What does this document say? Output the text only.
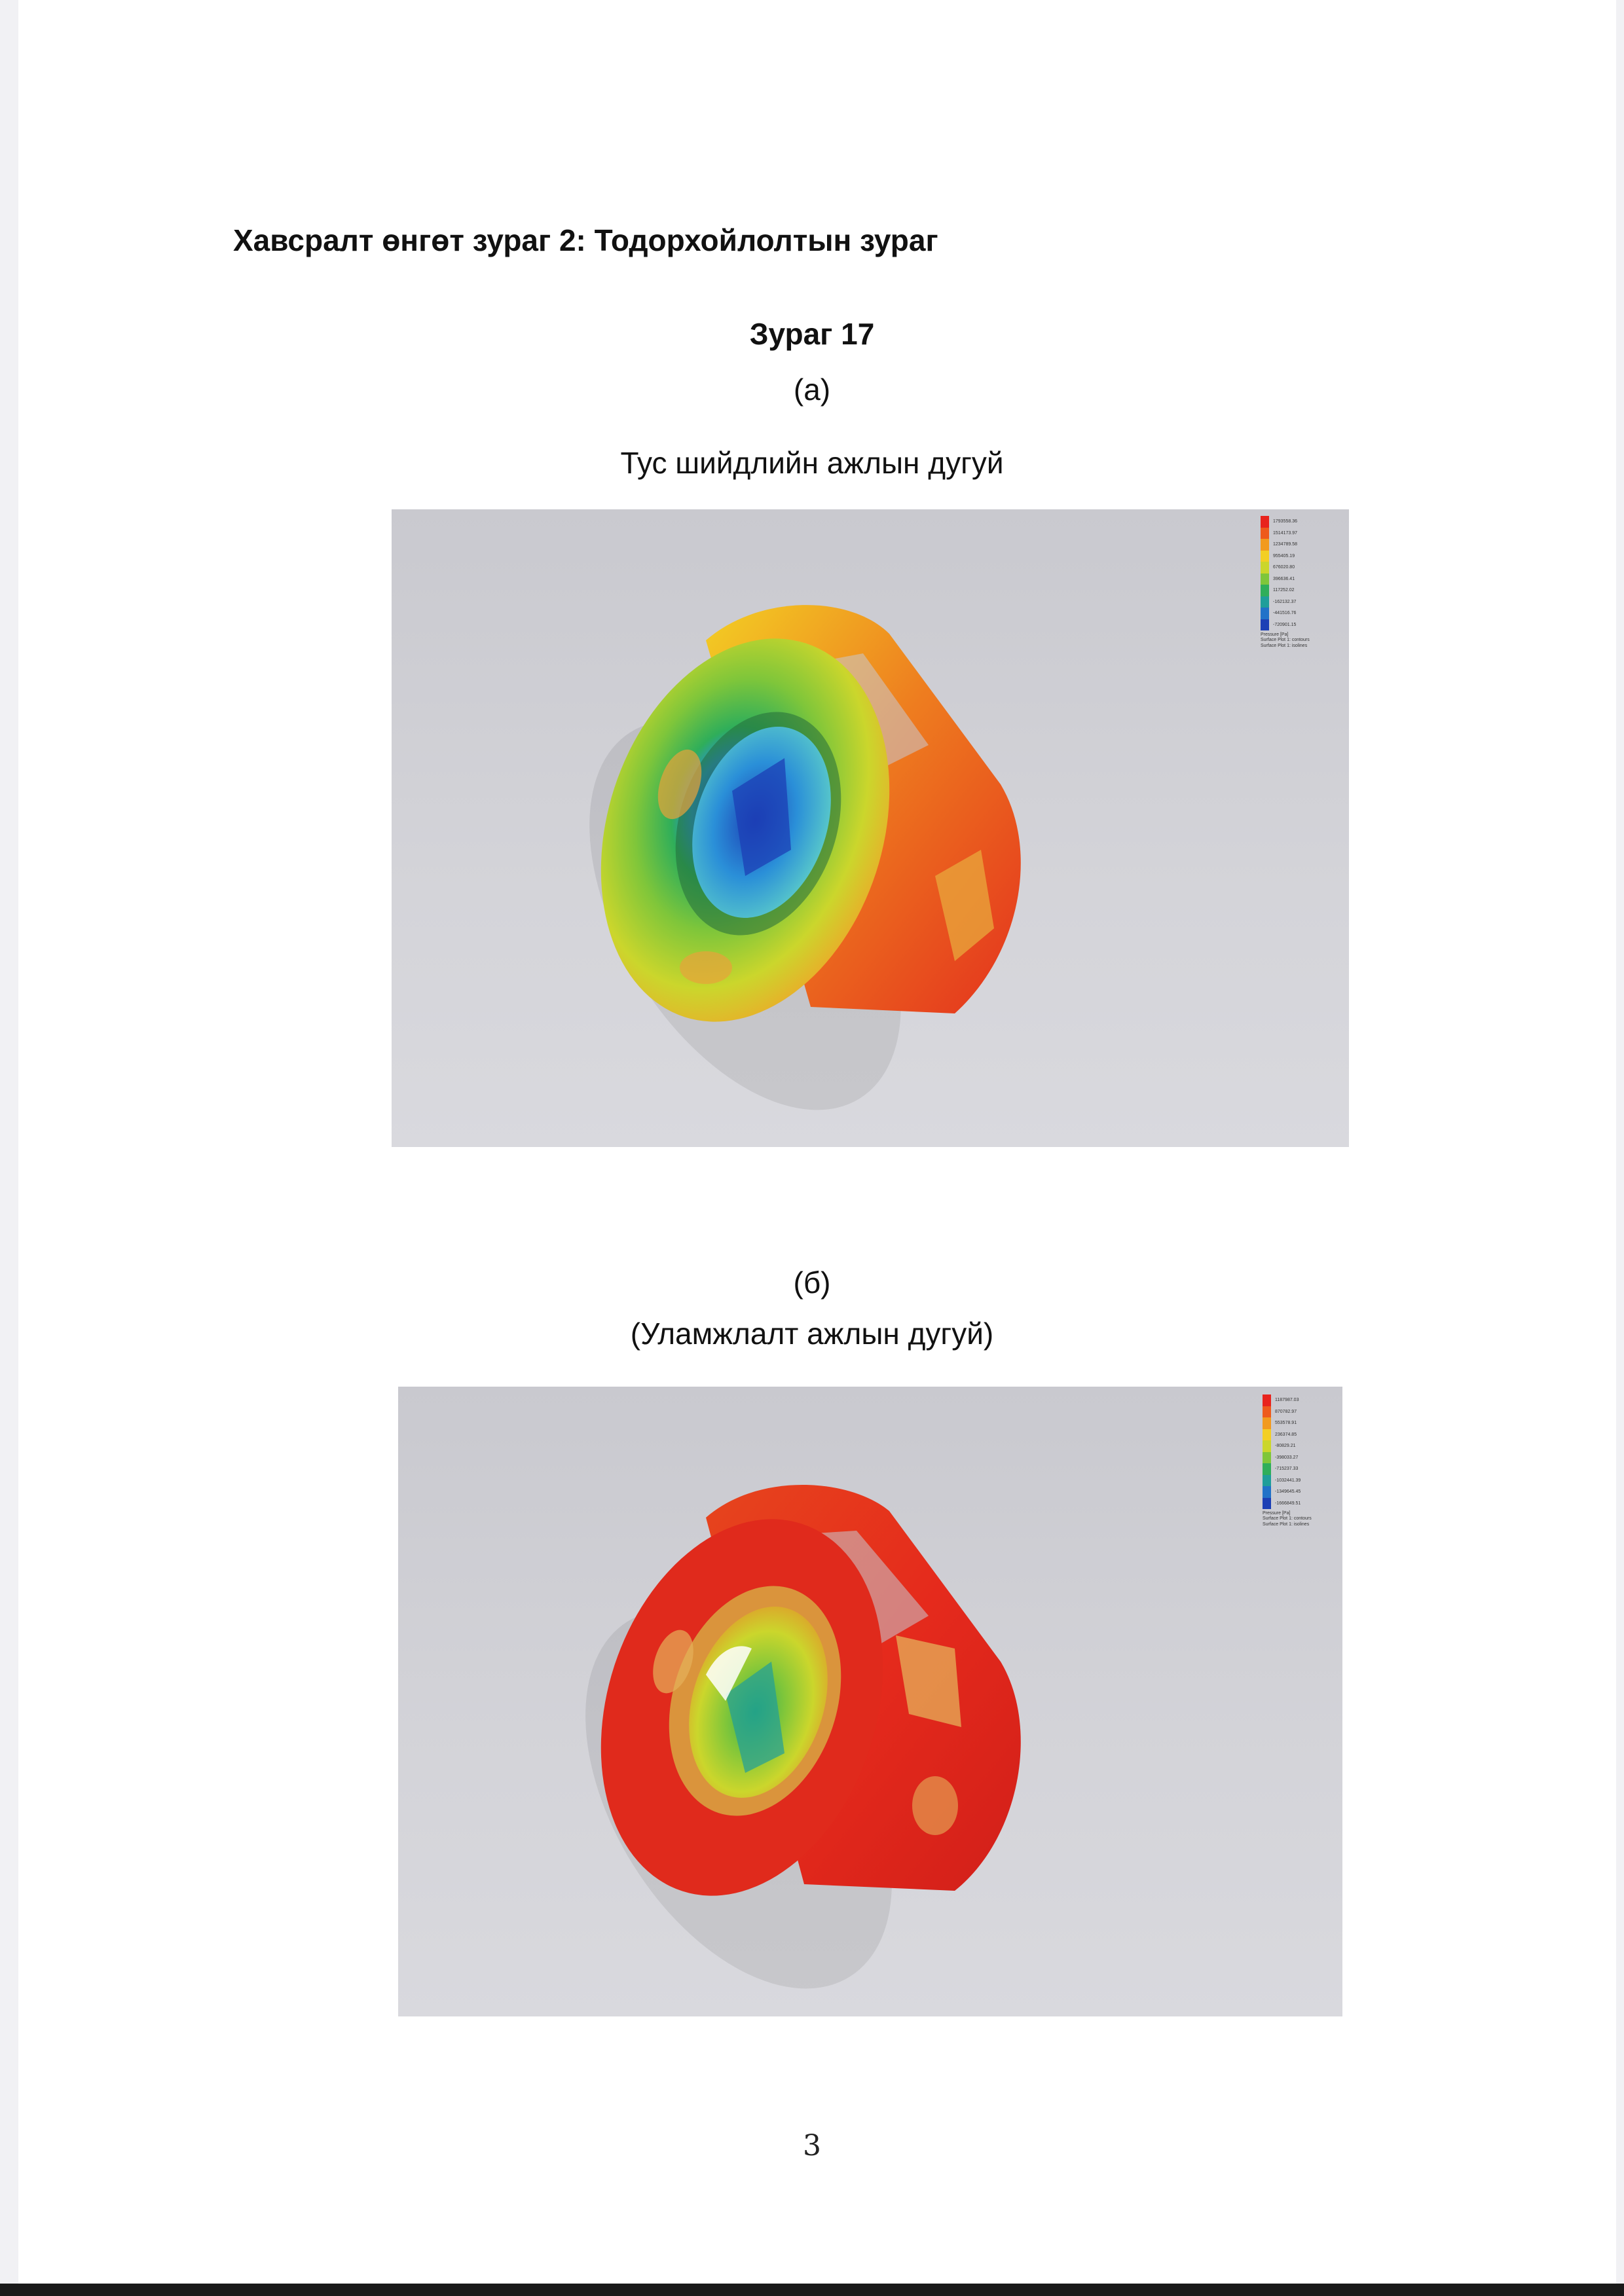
Хавсралт өнгөт зураг 2: Тодорхойлолтын зураг
Зураг 17
(а)
Тус шийдлийн ажлын дугуй
1793558.36
1514173.97
1234789.58
955405.19
676020.80
396636.41
117252.02
-162132.37
-441516.76
-720901.15
Pressure [Pa]
Surface Plot 1: contours
Surface Plot 1: isolines
(б)
(Уламжлалт ажлын дугуй)
1187987.03
870782.97
553578.91
236374.85
-80829.21
-398033.27
-715237.33
-1032441.39
-1349645.45
-1666849.51
Pressure [Pa]
Surface Plot 1: contours
Surface Plot 1: isolines
3
